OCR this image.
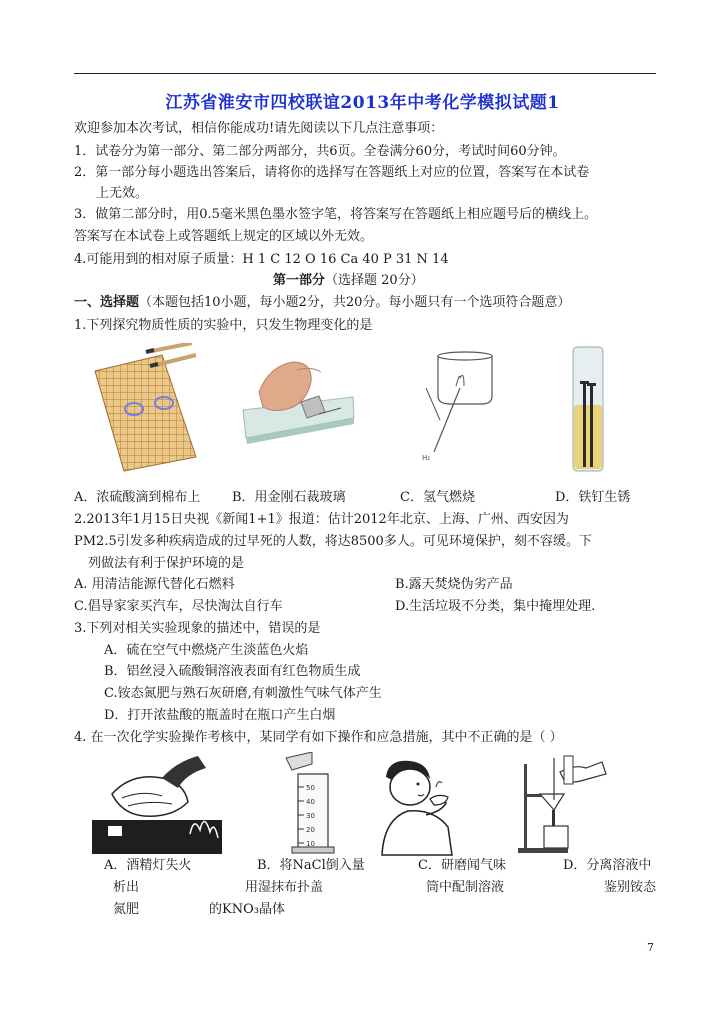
江苏省淮安市四校联谊2013年中考化学模拟试题1
欢迎参加本次考试，相信你能成功!请先阅读以下几点注意事项：
1．试卷分为第一部分、第二部分两部分，共6页。全卷满分60分，考试时间60分钟。
2．第一部分每小题选出答案后，请将你的选择写在答题纸上对应的位置，答案写在本试卷
上无效。
3．做第二部分时，用0.5毫米黑色墨水签字笔，将答案写在答题纸上相应题号后的横线上。
答案写在本试卷上或答题纸上规定的区域以外无效。
4.可能用到的相对原子质量：H 1 C 12 O 16 Ca 40 P 31 N 14
第一部分（选择题 20分）
一、选择题（本题包括10小题，每小题2分，共20分。每小题只有一个选项符合题意）
1.下列探究物质性质的实验中，只发生物理变化的是
H₂
A．浓硫酸滴到棉布上 B．用金刚石裁玻璃	C．氢气燃烧	D．铁钉生锈
2.2013年1月15日央视《新闻1+1》报道：估计2012年北京、上海、广州、西安因为
PM2.5引发多种疾病造成的过早死的人数，将达8500多人。可见环境保护，刻不容缓。下
列做法有利于保护环境的是
A. 用清洁能源代替化石燃料	B.露天焚烧伪劣产品
C.倡导家家买汽车，尽快淘汰自行车	D.生活垃圾不分类，集中掩埋处理.
3.下列对相关实验现象的描述中，错误的是
A．硫在空气中燃烧产生淡蓝色火焰
B．铝丝浸入硫酸铜溶液表面有红色物质生成
C.铵态氮肥与熟石灰研磨,有刺激性气味气体产生
D．打开浓盐酸的瓶盖时在瓶口产生白烟
4. 在一次化学实验操作考核中，某同学有如下操作和应急措施，其中不正确的是（ ）
50
40
30
20
10
A．酒精灯失火	B．将NaCl倒入量	C．研磨闻气味	D．分离溶液中
析出	用湿抹布扑盖	筒中配制溶液	鉴别铵态
氮肥	的KNO₃晶体
7
